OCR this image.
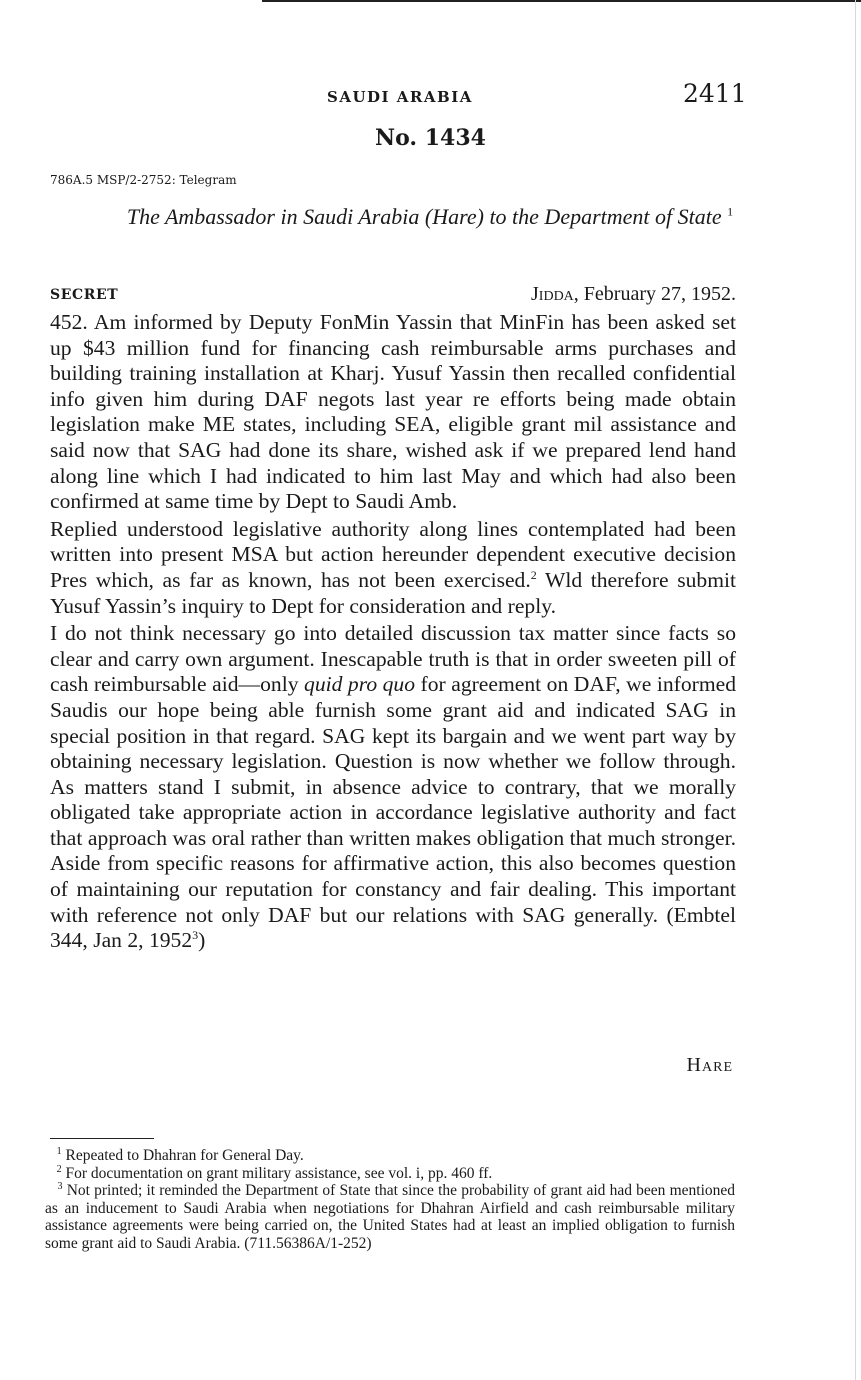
SAUDI ARABIA	2411
No. 1434
786A.5 MSP/2-2752: Telegram
The Ambassador in Saudi Arabia (Hare) to the Department of State $^1$
SECRET	Jidda, February 27, 1952.

452. Am informed by Deputy FonMin Yassin that MinFin has been asked set up $43 million fund for financing cash reimbursable arms purchases and building training installation at Kharj. Yusuf Yassin then recalled confidential info given him during DAF negots last year re efforts being made obtain legislation make ME states, including SEA, eligible grant mil assistance and said now that SAG had done its share, wished ask if we prepared lend hand along line which I had indicated to him last May and which had also been confirmed at same time by Dept to Saudi Amb.

Replied understood legislative authority along lines contemplated had been written into present MSA but action hereunder dependent executive decision Pres which, as far as known, has not been exercised.$^2$ Wld therefore submit Yusuf Yassin’s inquiry to Dept for consideration and reply.

I do not think necessary go into detailed discussion tax matter since facts so clear and carry own argument. Inescapable truth is that in order sweeten pill of cash reimbursable aid—only quid pro quo for agreement on DAF, we informed Saudis our hope being able furnish some grant aid and indicated SAG in special position in that regard. SAG kept its bargain and we went part way by obtaining necessary legislation. Question is now whether we follow through. As matters stand I submit, in absence advice to contrary, that we morally obligated take appropriate action in accordance legislative authority and fact that approach was oral rather than written makes obligation that much stronger. Aside from specific reasons for affirmative action, this also becomes question of maintaining our reputation for constancy and fair dealing. This important with reference not only DAF but our relations with SAG generally. (Embtel 344, Jan 2, 1952$^3$)

Hare

$^1$ Repeated to Dhahran for General Day.

$^2$ For documentation on grant military assistance, see vol. i, pp. 460 ff.

$^3$ Not printed; it reminded the Department of State that since the probability of grant aid had been mentioned as an inducement to Saudi Arabia when negotiations for Dhahran Airfield and cash reimbursable military assistance agreements were being carried on, the United States had at least an implied obligation to furnish some grant aid to Saudi Arabia. (711.56386A/1-252)
